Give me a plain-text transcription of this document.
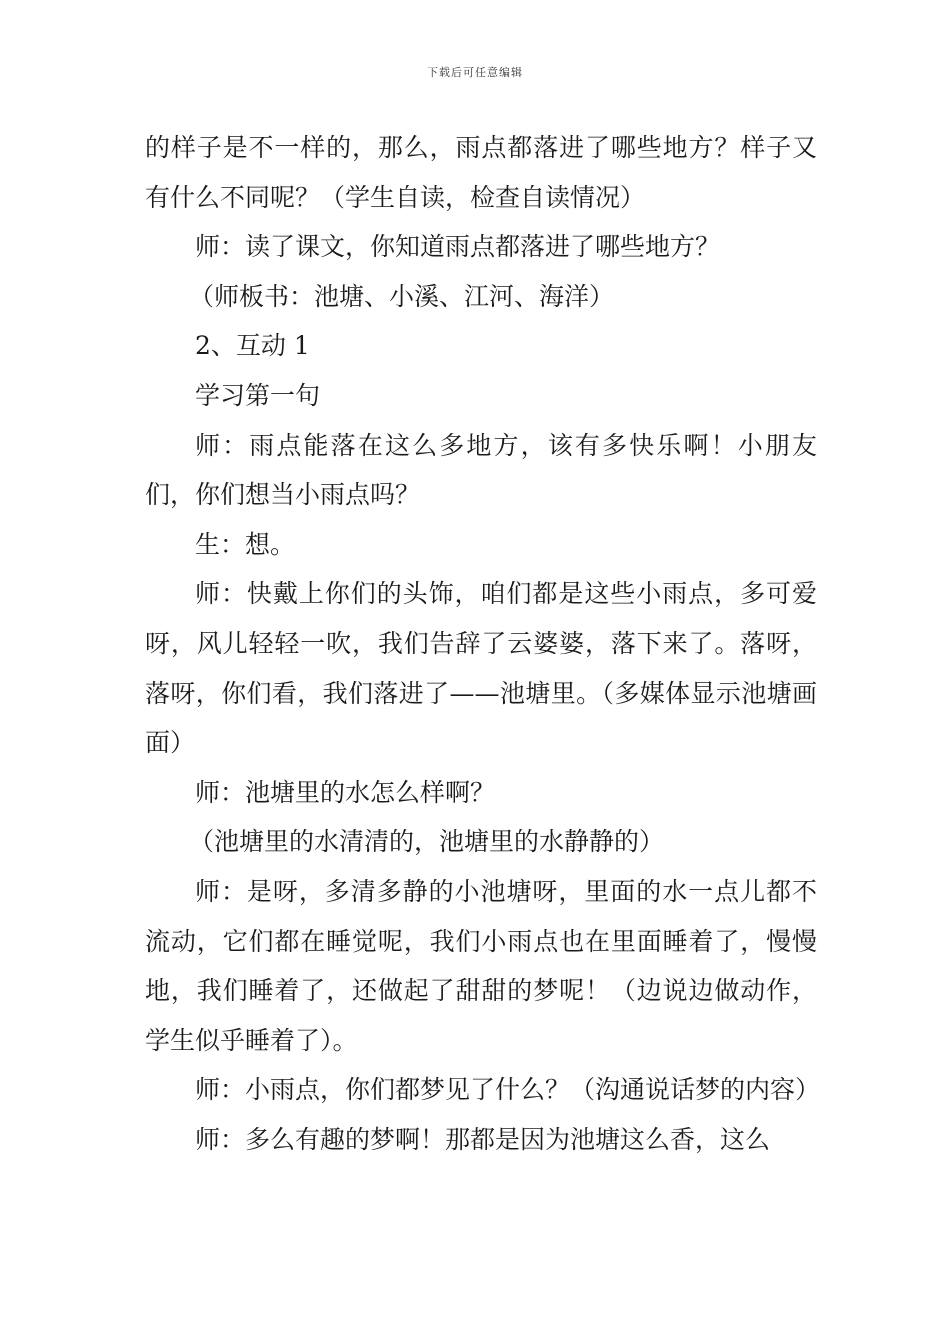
下载后可任意编辑

的样子是不一样的，那么，雨点都落进了哪些地方？样子又有什么不同呢？（学生自读，检查自读情况）

师：读了课文，你知道雨点都落进了哪些地方？

（师板书：池塘、小溪、江河、海洋）

2、互动 1

学习第一句

师：雨点能落在这么多地方，该有多快乐啊！小朋友们，你们想当小雨点吗？

生：想。

师：快戴上你们的头饰，咱们都是这些小雨点，多可爱呀，风儿轻轻一吹，我们告辞了云婆婆，落下来了。落呀，落呀，你们看，我们落进了——池塘里。（多媒体显示池塘画面）

师：池塘里的水怎么样啊？

（池塘里的水清清的，池塘里的水静静的）

师：是呀，多清多静的小池塘呀，里面的水一点儿都不流动，它们都在睡觉呢，我们小雨点也在里面睡着了，慢慢地，我们睡着了，还做起了甜甜的梦呢！（边说边做动作，学生似乎睡着了）。

师：小雨点，你们都梦见了什么？（沟通说话梦的内容）

师：多么有趣的梦啊！那都是因为池塘这么香，这么
